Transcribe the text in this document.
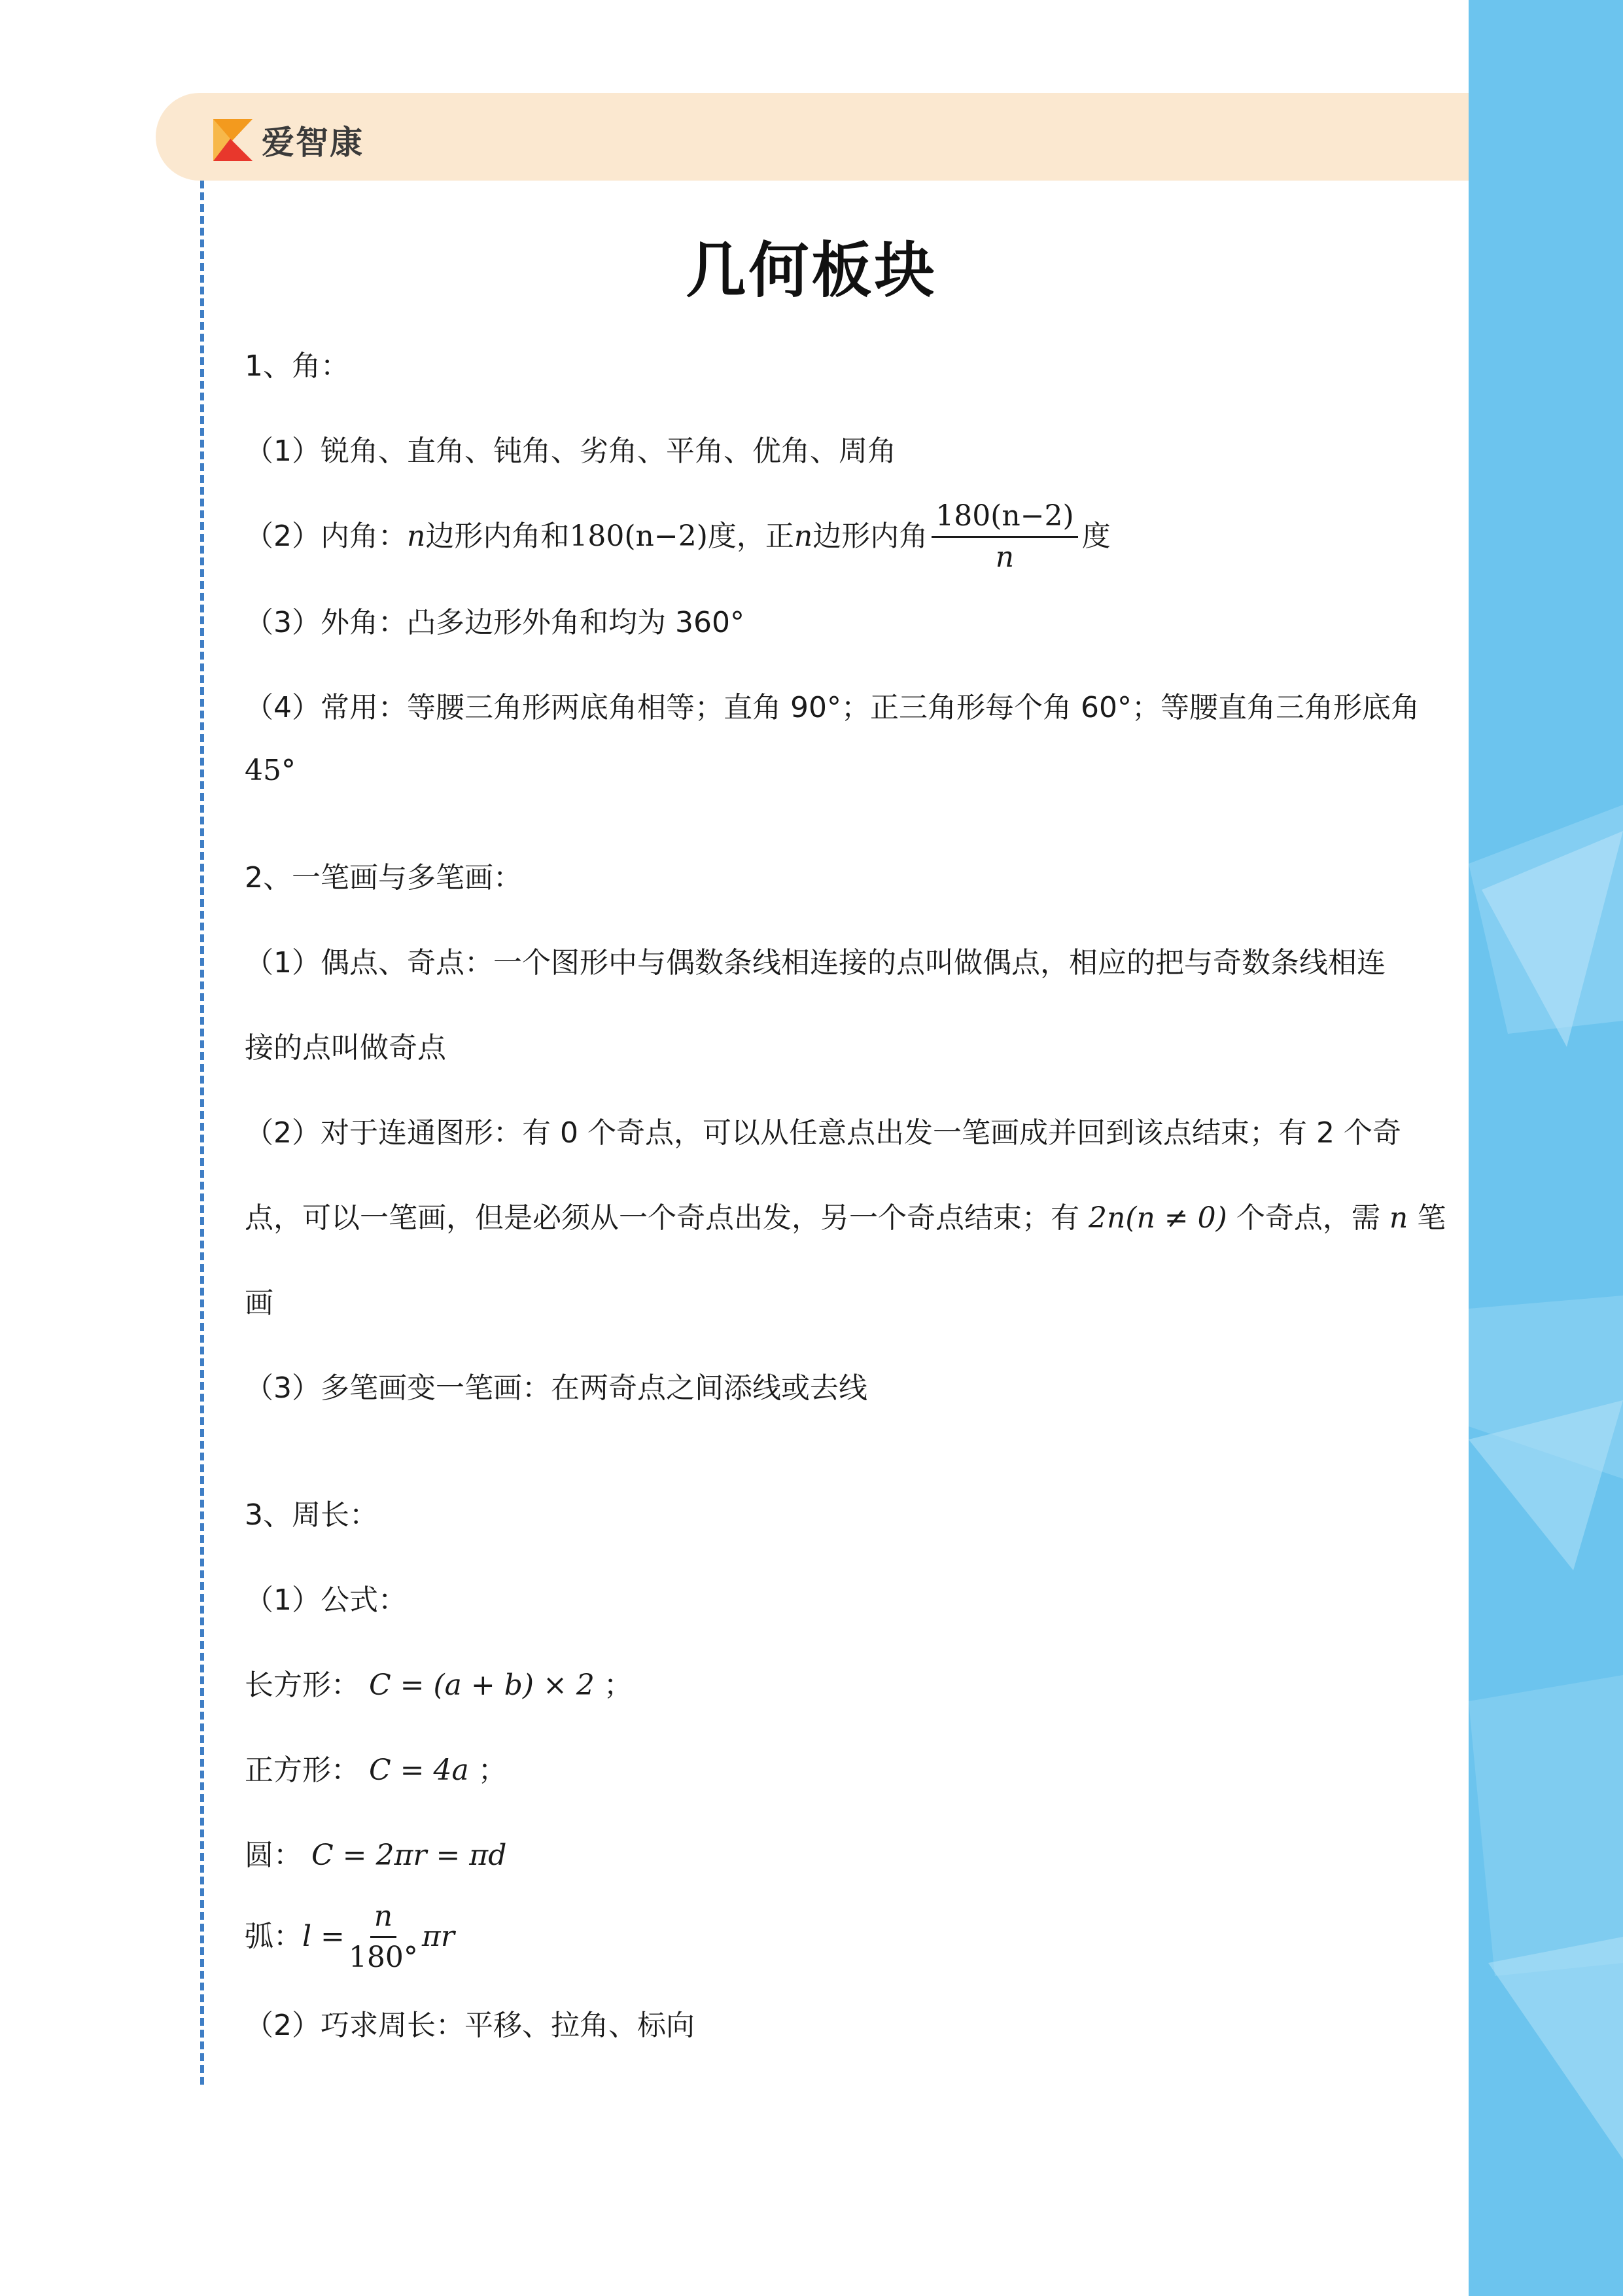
爱智康
几何板块
1、角：
（1）锐角、直角、钝角、劣角、平角、优角、周角
（2）内角： n 边形内角和 180(n−2) 度，正 n 边形内角 $\frac{180(n-2)}{n}$ 度
（3）外角：凸多边形外角和均为 360°
（4）常用：等腰三角形两底角相等；直角 90°；正三角形每个角 60°；等腰直角三角形底角
45°
2、一笔画与多笔画：
（1）偶点、奇点：一个图形中与偶数条线相连接的点叫做偶点，相应的把与奇数条线相连
接的点叫做奇点
（2）对于连通图形：有 0 个奇点，可以从任意点出发一笔画成并回到该点结束；有 2 个奇
点，可以一笔画，但是必须从一个奇点出发，另一个奇点结束；有 2n(n ≠ 0) 个奇点，需 n 笔
画
（3）多笔画变一笔画：在两奇点之间添线或去线
3、周长：
（1）公式：
长方形： C = (a + b) × 2 ；
正方形： C = 4a ；
圆： C = 2πr = πd
弧： $l = \frac{n}{180^\circ}$ πr
（2）巧求周长：平移、拉角、标向
